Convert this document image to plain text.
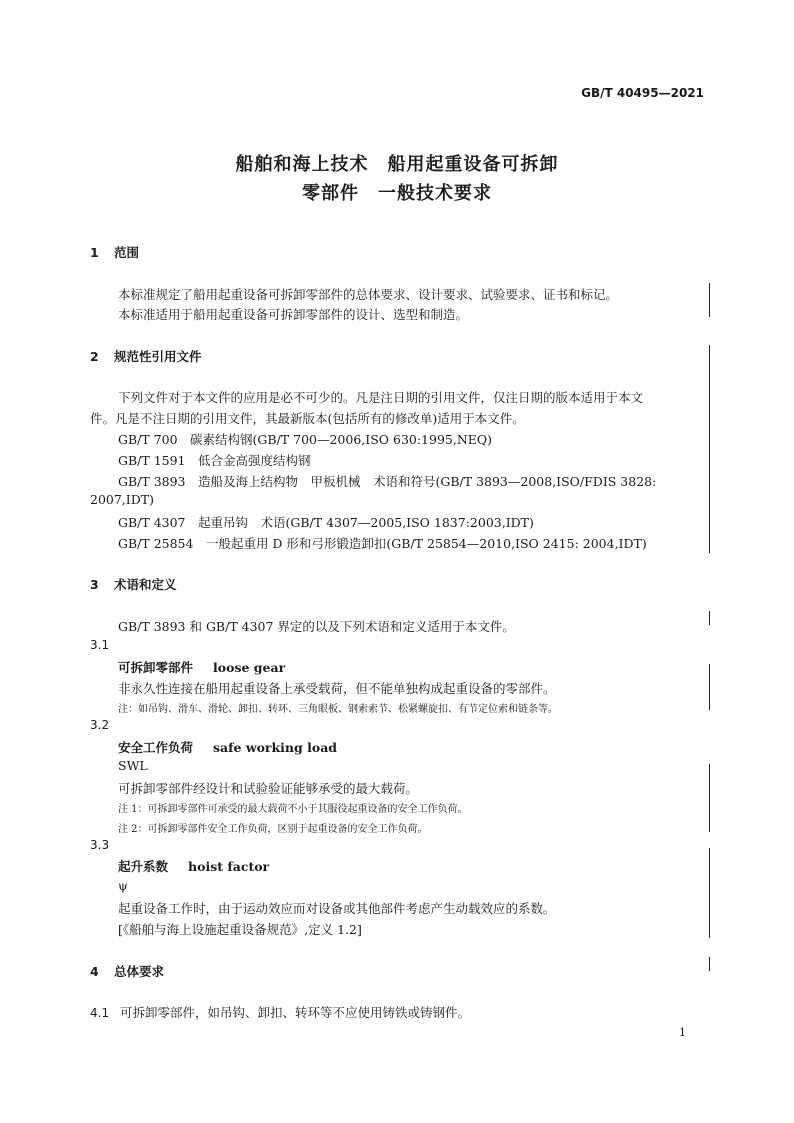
GB/T 40495—2021
船舶和海上技术　船用起重设备可拆卸
零部件　一般技术要求
1 范围
本标准规定了船用起重设备可拆卸零部件的总体要求、设计要求、试验要求、证书和标记。
本标准适用于船用起重设备可拆卸零部件的设计、选型和制造。
2 规范性引用文件
下列文件对于本文件的应用是必不可少的。凡是注日期的引用文件，仅注日期的版本适用于本文
件。凡是不注日期的引用文件，其最新版本(包括所有的修改单)适用于本文件。
GB/T 700　碳素结构钢(GB/T 700—2006,ISO 630:1995,NEQ)
GB/T 1591　低合金高强度结构钢
GB/T 3893　造船及海上结构物　甲板机械　术语和符号(GB/T 3893—2008,ISO/FDIS 3828:
2007,IDT)
GB/T 4307　起重吊钩　术语(GB/T 4307—2005,ISO 1837:2003,IDT)
GB/T 25854　一般起重用 D 形和弓形锻造卸扣(GB/T 25854—2010,ISO 2415: 2004,IDT)
3 术语和定义
GB/T 3893 和 GB/T 4307 界定的以及下列术语和定义适用于本文件。
3.1
可拆卸零部件 loose gear
非永久性连接在船用起重设备上承受载荷，但不能单独构成起重设备的零部件。
注：如吊钩、滑车、滑轮、卸扣、转环、三角眼板、钢索索节、松紧螺旋扣、有节定位索和链条等。
3.2
安全工作负荷 safe working load
SWL
可拆卸零部件经设计和试验验证能够承受的最大载荷。
注 1：可拆卸零部件可承受的最大载荷不小于其服役起重设备的安全工作负荷。
注 2：可拆卸零部件安全工作负荷，区别于起重设备的安全工作负荷。
3.3
起升系数 hoist factor
ψ
起重设备工作时，由于运动效应而对设备或其他部件考虑产生动载效应的系数。
[《船舶与海上设施起重设备规范》,定义 1.2]
4 总体要求
4.1 可拆卸零部件，如吊钩、卸扣、转环等不应使用铸铁或铸钢件。
1
